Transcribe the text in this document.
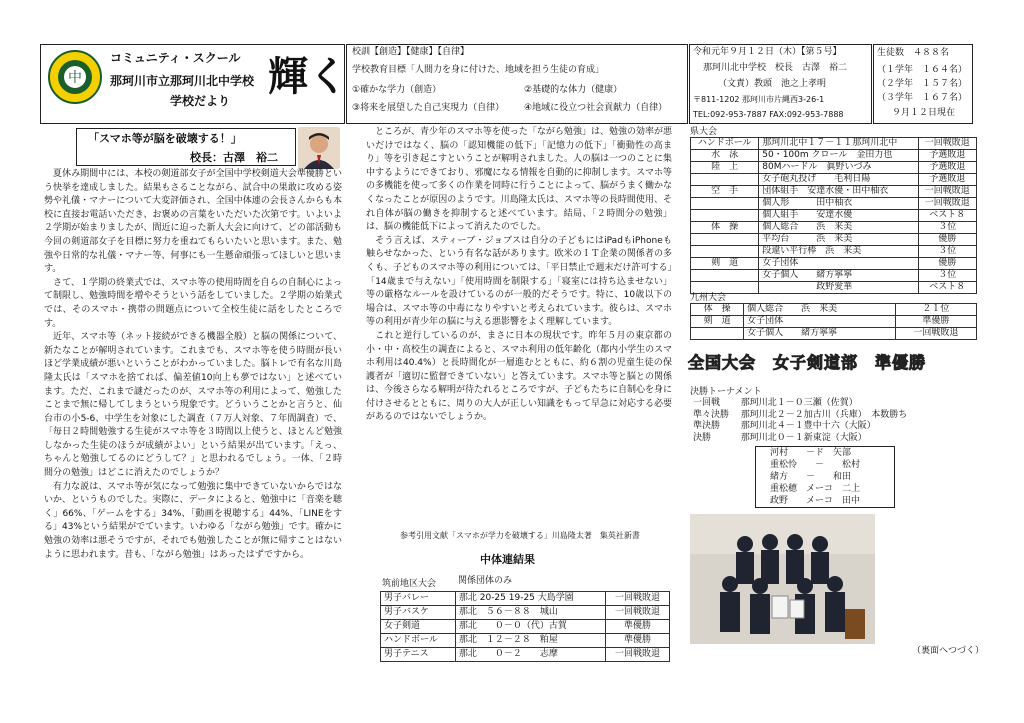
中
コミュニティ・スクール
那珂川市立那珂川北中学校
学校だより
輝く
校訓【創造】【健康】【自律】
学校教育目標「人間力を身に付けた、地域を担う生徒の育成」
①確かな学力（創造）	②基礎的な体力（健康）
③将来を展望した自己実現力（自律） ④地域に役立つ社会貢献力（自律）
令和元年９月１２日（木）【第５号】
那珂川北中学校　校長　古澤　裕二
（文責）教頭　池之上孝明
〒811-1202 那珂川市片縄西3-26-1
TEL:092-953-7887 FAX:092-953-7888
生徒数　４８８名
（１学年　１６４名）
（２学年　１５７名）
（３学年　１６７名）
９月１２日現在
「スマホ等が脳を破壊する！」
校長：古澤　裕二
　夏休み期間中には、本校の剣道部女子が全国中学校剣道大会準優勝という快挙を達成しました。結果もさることながら、試合中の果敢に攻める姿勢や礼儀・マナーについて大変評価され、全国中体連の会長さんからも本校に直接お電話いただき、お褒めの言葉をいただいた次第です。いよいよ２学期が始まりましたが、間近に迫った新人大会に向けて、どの部活動も今回の剣道部女子を目標に努力を重ねてもらいたいと思います。また、勉強や日常的な礼儀・マナー等、何事にも一生懸命頑張ってほしいと思います。
　さて、１学期の終業式では、スマホ等の使用時間を自らの自制心によって制限し、勉強時間を増やそうという話をしていました。２学期の始業式では、そのスマホ・携帯の問題点について全校生徒に話をしたところです。
　近年、スマホ等（ネット接続ができる機器全般）と脳の関係について、新たなことが解明されています。これまでも、スマホ等を使う時間が長いほど学業成績が悪いということがわかっていました。脳トレで有名な川島隆太氏は「スマホを捨てれば、偏差値10向上も夢ではない」と述べています。ただ、これまで謎だったのが、スマホ等の利用によって、勉強したことまで無に帰してしまうという現象です。どういうことかと言うと、仙台市の小5-6、中学生を対象にした調査（７万人対象、７年間調査）で、「毎日２時間勉強する生徒がスマホ等を３時間以上使うと、ほとんど勉強しなかった生徒のほうが成績がよい」という結果が出ています。「えっ、ちゃんと勉強してるのにどうして？」と思われるでしょう。一体、「２時間分の勉強」はどこに消えたのでしょうか？
　有力な説は、スマホ等が気になって勉強に集中できていないからではないか、というものでした。実際に、データによると、勉強中に「音楽を聴く」66%、「ゲームをする」34%、「動画を視聴する」44%、「LINEをする」43%という結果がでています。いわゆる「ながら勉強」です。確かに勉強の効率は悪そうですが、それでも勉強したことが無に帰すことはないように思われます。昔も、「ながら勉強」はあったはずですから。
　ところが、青少年のスマホ等を使った「ながら勉強」は、勉強の効率が悪いだけではなく、脳の「認知機能の低下」「記憶力の低下」「衝動性の高まり」等を引き起こすということが解明されました。人の脳は一つのことに集中するようにできており、邪魔になる情報を自動的に抑制します。スマホ等の多機能を使って多くの作業を同時に行うことによって、脳がうまく働かなくなったことが原因のようです。川島隆太氏は、スマホ等の長時間使用、それ自体が脳の働きを抑制すると述べています。結局、「２時間分の勉強」は、脳の機能低下によって消えたのでした。
　そう言えば、スティーブ・ジョブスは自分の子どもにはiPadもiPhoneも触らせなかった、という有名な話があります。欧米のＩＴ企業の関係者の多くも、子どものスマホ等の利用については、「平日禁止で週末だけ許可する」「14歳まで与えない」「使用時間を制限する」「寝室には持ち込ませない」等の厳格なルールを設けているのが一般的だそうです。特に、10歳以下の場合は、スマホ等の中毒になりやすいと考えられています。彼らは、スマホ等の利用が青少年の脳に与える悪影響をよく理解しています。
　これと逆行しているのが、まさに日本の現状です。昨年５月の東京都の小・中・高校生の調査によると、スマホ利用の低年齢化（都内小学生のスマホ利用は40.4%）と長時間化が一層進むとともに、約６割の児童生徒の保護者が「適切に監督できていない」と答えています。スマホ等と脳との関係は、今後さらなる解明が待たれるところですが、子どもたちに自制心を身に付けさせるとともに、周りの大人が正しい知識をもって早急に対応する必要があるのではないでしょうか。
参考引用文献「スマホが学力を破壊する」川島隆太著　集英社新書
中体連結果
筑前地区大会 関係団体のみ
男子バレー	那北 20-25 19-25 大島学園	一回戦敗退
男子バスケ	那北　５６－８８　城山	一回戦敗退
女子剣道	那北　　０－０（代）古賀	準優勝
ハンドボール	那北　１２－２８　粕屋	準優勝
男子テニス	那北　　０－２　　志摩	一回戦敗退
県大会
ハンドボール	那珂川北中１７－１１那珂川北中	一回戦敗退
水　泳	50・100m クロール　金田力也	予選敗退
陸　上	80Mハードル　眞野いづみ	予選敗退
	女子砲丸投げ　　毛利日陽	予選敗退
空　手	団体組手　安達水優・田中柚衣	一回戦敗退
	個人形　　　田中柚衣	一回戦敗退
	個人組手　　安達水優	ベスト８
体　操	個人総合　　浜　来美	３位
	平均台　　　浜　来美	優勝
	段違い平行棒　浜　来美	３位
剣　道	女子団体	優勝
	女子個人　　緒方寧寧	３位
	　　　　　　政野愛華	ベスト８
九州大会
体　操	個人総合　　浜　来美	２１位
剣　道	女子団体	準優勝
	女子個人　　緒方寧寧	一回戦敗退
全国大会　女子剣道部　準優勝
決勝トーナメント
一回戦	那珂川北１－０三瀬（佐賀）
準々決勝	那珂川北２－２加古川（兵庫）　本数勝ち
準決勝	那珂川北４－１豊中十六（大阪）
決勝	那珂川北０－１新東淀（大阪）
河村　　－ド　矢部
重松怜　　－　　松村
緒方　　－　　和田
重松穂　メーコ　二上
政野　　メーコ　田中
（裏面へつづく）
